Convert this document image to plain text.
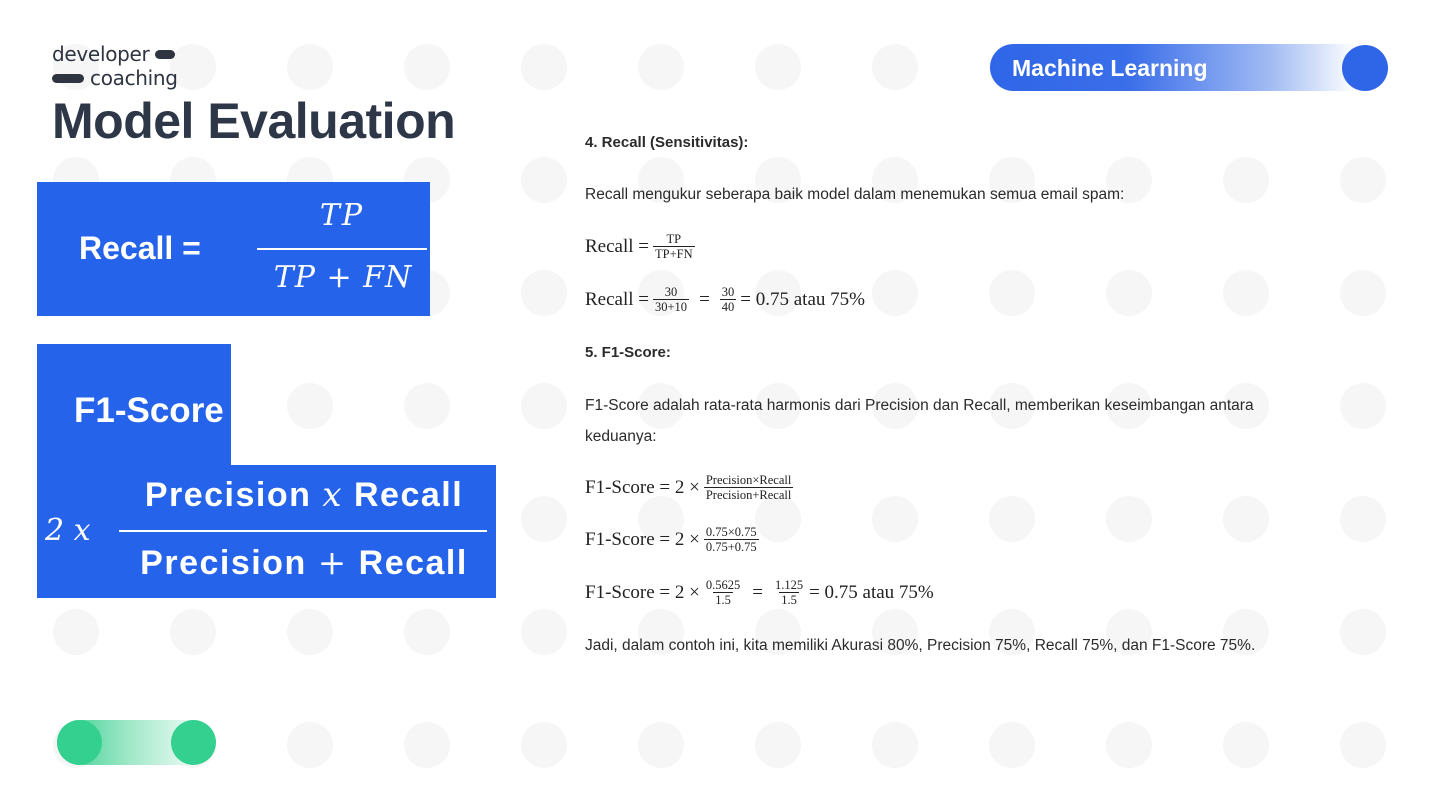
developer
coaching
Model Evaluation
Machine Learning
Recall =
TP
TP + FN
F1-Score
2 x
Precision x Recall
Precision + Recall
4. Recall (Sensitivitas):
Recall mengukur seberapa baik model dalam menemukan semua email spam:
Recall = $\frac{TP}{TP+FN}$
Recall = $\frac{30}{30+10} = \frac{30}{40} = 0.75$ atau 75%
5. F1-Score:
F1-Score adalah rata-rata harmonis dari Precision dan Recall, memberikan keseimbangan antara
keduanya:
F1-Score = $2 \times \frac{\text{Precision×Recall}}{\text{Precision+Recall}}$
F1-Score = $2 \times \frac{0.75\times 0.75}{0.75+0.75}$
F1-Score = $2 \times \frac{0.5625}{1.5} = \frac{1.125}{1.5} = 0.75$ atau 75%
Jadi, dalam contoh ini, kita memiliki Akurasi 80%, Precision 75%, Recall 75%, dan F1-Score 75%.
